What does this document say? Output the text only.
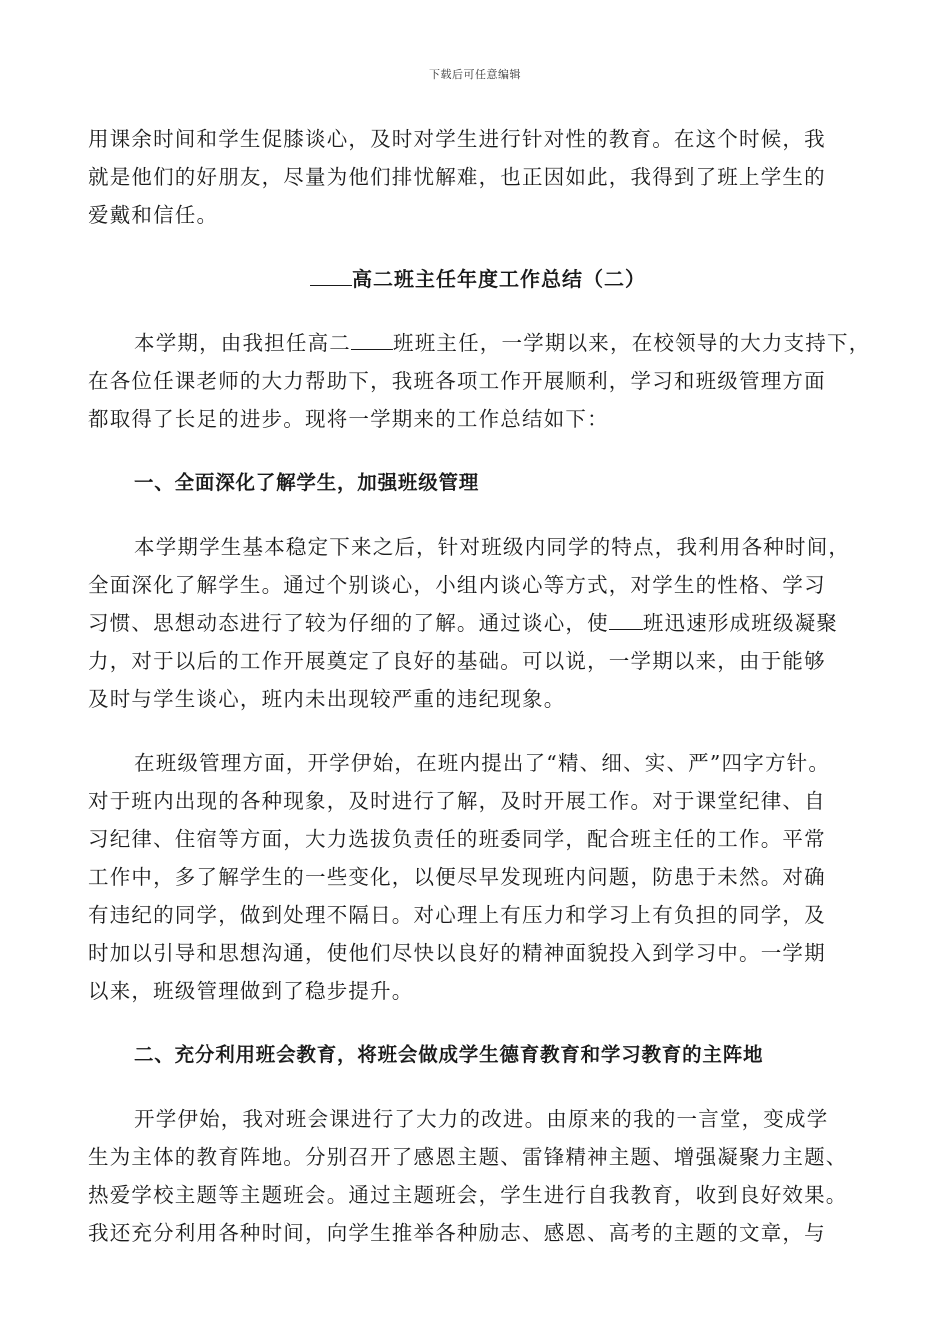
下载后可任意编辑
用课余时间和学生促膝谈心，及时对学生进行针对性的教育。在这个时候，我
就是他们的好朋友，尽量为他们排忧解难，也正因如此，我得到了班上学生的
爱戴和信任。
高二班主任年度工作总结（二）
本学期，由我担任高二 班班主任，一学期以来，在校领导的大力支持下，
在各位任课老师的大力帮助下，我班各项工作开展顺利，学习和班级管理方面
都取得了长足的进步。现将一学期来的工作总结如下：
一、全面深化了解学生，加强班级管理
本学期学生基本稳定下来之后，针对班级内同学的特点，我利用各种时间，
全面深化了解学生。通过个别谈心，小组内谈心等方式，对学生的性格、学习
习惯、思想动态进行了较为仔细的了解。通过谈心，使 班迅速形成班级凝聚
力，对于以后的工作开展奠定了良好的基础。可以说，一学期以来，由于能够
及时与学生谈心，班内未出现较严重的违纪现象。
在班级管理方面，开学伊始，在班内提出了“精、细、实、严”四字方针。
对于班内出现的各种现象，及时进行了解，及时开展工作。对于课堂纪律、自
习纪律、住宿等方面，大力选拔负责任的班委同学，配合班主任的工作。平常
工作中，多了解学生的一些变化，以便尽早发现班内问题，防患于未然。对确
有违纪的同学，做到处理不隔日。对心理上有压力和学习上有负担的同学，及
时加以引导和思想沟通，使他们尽快以良好的精神面貌投入到学习中。一学期
以来，班级管理做到了稳步提升。
二、充分利用班会教育，将班会做成学生德育教育和学习教育的主阵地
开学伊始，我对班会课进行了大力的改进。由原来的我的一言堂，变成学
生为主体的教育阵地。分别召开了感恩主题、雷锋精神主题、增强凝聚力主题、
热爱学校主题等主题班会。通过主题班会，学生进行自我教育，收到良好效果。
我还充分利用各种时间，向学生推举各种励志、感恩、高考的主题的文章，与
